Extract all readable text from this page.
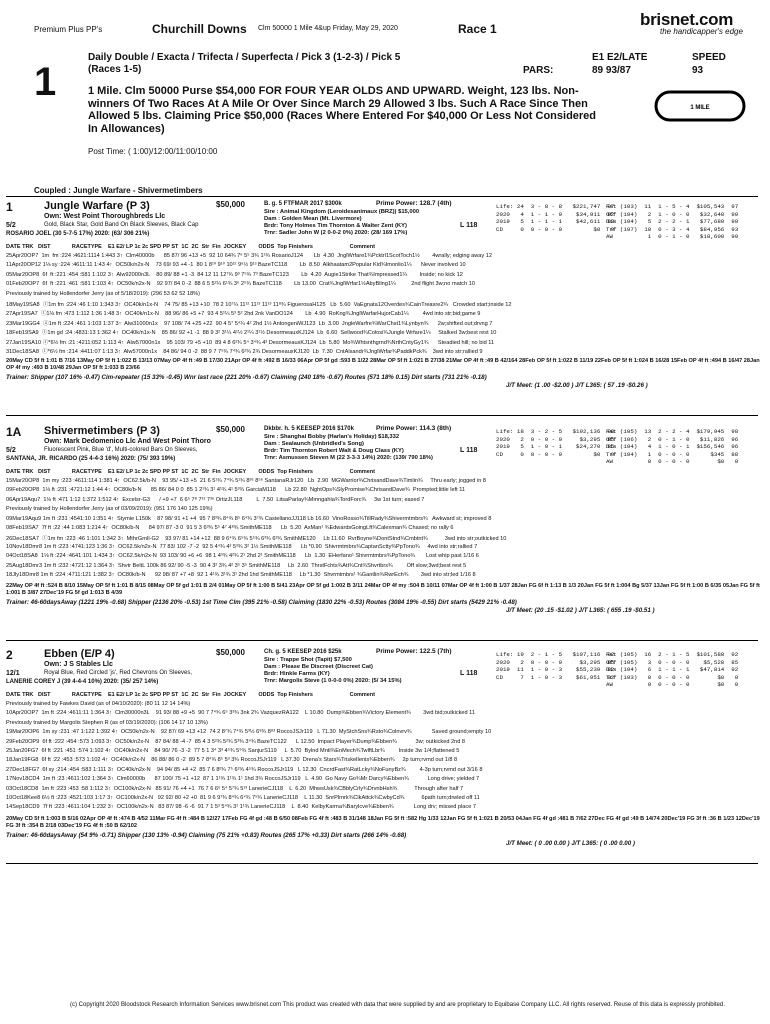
Premium Plus PP's	Churchill Downs Clm 50000 1 Mile 4&up Friday, May 29, 2020	Race 1	brisnet.com
the handicapper's edge
1
Daily Double / Exacta / Trifecta / Superfecta / Pick 3 (1-2-3) / Pick 5 (Races 1-5)	PARS:
E1 E2/LATE
89 93/87
SPEED
93
1 MILE
1 Mile. Clm 50000 Purse $54,000 FOR FOUR YEAR OLDS AND UPWARD. Weight, 123 lbs. Non-winners Of Two Races At A Mile Or Over Since March 29 Allowed 3 lbs. Such A Race Since Then Allowed 5 lbs. Claiming Price $50,000 (Races Where Entered For $40,000 Or Less Not Considered In Allowances)
Post Time: ( 1:00)/12:00/11:00/10:00
Coupled : Jungle Warfare - Shivermetimbers
1	Jungle Warfare (P 3)
Own: West Point Thoroughbreds Llc
5/2	Gold, Black Star, Gold Band On Black Sleeves, Black Cap
ROSARIO JOEL (30 5-7-5 17%) 2020: (63/ 306 21%)
$50,000	B. g. 5 FTFMAR 2017 $300k
Sire : Animal Kingdom (Leroidesanimaux (BRZ)) $15,000
Dam : Golden Mean (Mt. Livermore)
Brdr: Tony Holmes Tim Thornton & Walter Zent (KY)
Trnr: Sadler John W (2 0-0-2 0%) 2020: (28/ 169 17%)
L 118
Prime Power: 128.7 (4th)	Life: 24  3 - 8 - 8   $221,747  97
2020   4  1 - 1 - 0    $34,911  92
2019   5  1 - 1 - 1    $42,611  93
CD     0  0 - 0 - 0         $0   0
Fst (103)  11  1 - 5 - 4  $105,543  97
Off (104)   2  1 - 0 - 0   $32,648  90
Dis (104)   5  2 - 2 - 1   $77,680  90
Trf (107)  10  0 - 3 - 4   $84,956  93
AW          1  0 - 1 - 0   $18,600  90
DATE TRK   DIST              RACETYPE    E1 E2/ LP 1c 2c SPD PP ST  1C  2C  Str  Fin  JOCKEY        ODDS  Top Finishers                        Comment
25Apr20OP7  1m  fm :224 :4621:1114 1:443 3↑  Clm40000b      85 87/ 96 +13 +5  92 10 64¾ 7⁶ 5⁵ 3¾ 1¹¾ RosarioJ124       Lb  4.30  JnglWrfare1¾Pcktrl1ScotToch1½        4wrally; edging away 12
11Apr20OP12 1⅛ sy :224 :4611:11 1:43 4↑  OC50k/n2x-N    73 69/ 93 +4 -1  80 1 8¹⁰ 9¹⁰ 10¹² 9⁹½ 9¹³ BazeTC118        Lb  8.50  Alkhaatam2Popular Kid¾Imonlio1¼      Never involved 10
05Mar20OP8  6f  ft :221 :454 :581 1:102 3↑  Alw92000n3L    80 89/ 88 +1 -3  84 12 11 12⁷¾ 9³ 7⁵¾ 7³ BazeTC123        Lb  4.20  Augie1Strike That¾Impressed1¼        Inside; no kick 12
01Feb20OP7  6f  ft :221 :461 :581 1:103 4↑  OC50k/n2x-N    92 97/ 84 0 -2  88 6 5 5²¼ 6¹¾ 3⁶ 2⁵¾ BazeTC118        Lb 13.00  Crat¾JnglWrfar1½AbyBling1¼          2nd flight 3w;no match 10
Previously trained by Hollendorfer Jerry (as of 5/18/2019): (296 53 62 52 18%)
18May19SA8  ⓣ1m fm :224 :46 1:10 1:343 3↑  OC40k/n1x-N    74 75/ 85 +13 +10  78 2 10⁷¼ 11¹² 11¹³ 11¹³ 11⁸¾ FiguerosaH125   Lb  5.60  VaEgnata12Overdes¾CainTreasre2¾   Crowded start;inside 12
27Apr19SA7  ⓣ1⅛ fm :473 1:112 1:36 1:48 3↑  OC40k/n1x-N    88 96/ 86 +5 +7  93 4 5¹¼ 5³ 5² 2hd 2nk VanDO124        Lb  4.90  RoKng¾JnglWarfarHujorCab1¼         4wd into str;bid;game 9
23Mar19GG4  ⓐ1m ft :224 :461 1:103 1:37 3↑  Alw31000n1x    97 108/ 74 +25 +22  90 4 5⁷ 5⁴¼ 4² 2hd 1½ AntongeniWJ123  Lb  3.00  JngleWarfre¾WarChst1¾Lynbyn¾      2w;shifted out;drvng 7
18Feb19SA9  ⓣ1m gd :24 :4831:13 1:362 4↑  OC40k/n1x-N    85 86/ 92 +1 -1  88 9 3² 3¹¼ 4¹½ 2¹¼ 3¹½ DesormeauxKJ124  Lb  6.60  Sellwood¾Colosi¾Jungle Wrfare1¼     Stalked 3w;best rest 10
27Jan19SA10 ⓣ*6½ fm :21 :4211:052 1:113 4↑  Alw57000n1x    95 103/ 79 +5 +10  89 4 8 6²¾ 5⁴ 3⁴¾ 4³ DesormeauxKJ124  Lb  5.80  Mo¾Whtsnthgrnd¾NrthCntyGy1¾      Steadied hill; no bid 11
31Dec18SA8  ⓣ*6½ fm :214 :4411:07 1:13 3↑  Alw57000n1x    84 86/ 94 0 -2  88 9 7 7⁵¾ 7⁴¾ 6²¾ 2¾ DesormeauxKJ120  Lb  7.30  CntAlxandr¾JnglWrfar¾PaddkPck¾    3wd into str;rallied 9
20May CD 5f ft 1:01 B 7/16 13May OP 5f ft 1:022 B 13/13 07May OP 4f ft :49 B 17/30 21Apr OP 4f ft :492 B 16/33 06Apr OP 5f gd :593 B 1/22 28Mar OP 5f ft 1:021 B 27/38 21Mar OP 4f ft :49 B 42/164 28Feb OP 5f ft 1:022 B 11/19 22Feb OP 5f ft 1:024 B 16/28 15Feb OP 4f ft :494 B 16/47 28Jan OP 4f my :493 B 10/48 29Jan OP 5f ft 1:033 B 23/66
Trainer: Shipper (107 16% -0.47) Cim-repeater (15 33% -0.45) Wnr last race (221 20% -0.67) Claiming (240 18% -0.67) Routes (571 18% 0.15) Dirt starts (731 21% -0.18)
J/T Meet: (1 .00 -$2.00 ) J/T L365: ( 57 .19 -$0.26 )
1A Shivermetimbers (P 3)
Own: Mark Dedomenico Llc And West Point Thoro
5/2	Fluorescent Pink, Blue 'd', Multi-colored Bars On Sleeves,
SANTANA, JR. RICARDO (25 4-4-3 16%) 2020: (75/ 393 19%)
$50,000	Dkbbr. h. 5 KEESEP 2016 $170k
Sire : Shanghai Bobby (Harlan's Holiday) $18,332
Dam : Sealaunch (Unbridled's Song)
Brdr: Tim Thornton Robert Walt & Doug Class (KY)
Trnr: Asmussen Steven M (22 3-3-3 14%) 2020: (139/ 790 18%)
L 118
Prime Power: 114.3 (8th)	Life: 18  3 - 2 - 5   $192,136  98
2020   2  0 - 0 - 0     $3,295  85
2019   5  1 - 0 - 1    $24,270  95
CD     0  0 - 0 - 0         $0   0
Fst (105)  13  2 - 2 - 4  $179,945  98
Off (106)   2  0 - 1 - 0   $11,826  96
Dis (104)   4  1 - 0 - 1  $156,546  96
Trf (104)   1  0 - 0 - 0      $345  88
AW          0  0 - 0 - 0        $0   0
DATE TRK   DIST              RACETYPE    E1 E2/ LP 1c 2c SPD PP ST  1C  2C  Str  Fin  JOCKEY        ODDS  Top Finishers                        Comment
15Mar20OP8  1m my :223 :4611:114 1:381 4↑  OC62.5k/b-N    93 95/ +13 +5  21 6 5¹¾ 7⁴¾ 5¹¾ 8³⁶ 8⁵⁶ SantanaRJr120   Lb  2.90  MGWarrior¾ChrisandDave¾Timlin¾     Thru early; jogged in 8
09Feb20OP8  1⅛ ft :231 :4721:12 1:44 4↑  OC80k/b-N      85 86/ 84 0 0  85 1 2¹¾ 3¹ 4¹¾ 4¹ 5³¾ GarciaM118      Lb 22.80  NghtOps¾SlyPromise¾ChrisandDave¾  Prompted;little left 11
06Apr19Aqu7  1⅛ ft :471 1:12 1:372 1:512 4↑  Excelsr-G3      / +9 +7  6 6⁵ 7⁸ 7¹² 7³⁶ OrtizJL118         L  7.50  LitsaParlay¾Mmngahla¾TordForc¾     3w 1st turn; eased 7
Previously trained by Hollendorfer Jerry (as of 03/09/2019): (951 176 140 125 19%)
09Mar19Aqu9 1m ft :231 :4541:10 1:351 4↑  Stymie L150k    87 98/ 91 +1 +4  95 7 8³¾ 8⁴¾ 8⁵ 6⁴¾ 3⁷¾ CastellanoJJ118 Lb 16.60  VinoRosso¾TillRady¾Shivermtmbrs¾   Awkward st; improved 8
08Feb19SA7  7f ft :22 :44 1:083 1:214 4↑  OC80k/b-N      84 97/ 87 -3 0  91 5 3 6³¾ 5⁵ 4⁷ 4⁸¾ SmithME118      Lb  5.20  AxMan¹ ¾EdwardsGoingLft¾Calexman¾ Chased; no rally 6
26Dec18SA7  ⓣ1m fm :223 :46 1:101 1:342 3↑  MthrGrnll-G2    93 97/ 81 +14 +12  88 9 6⁴¾ 6⁵¾ 5⁵¾ 6³¾ 6³¾ SmithME120     Lb 11.60  RvrBoyne¾DontStnd¾Cmbtnt¾           3wd into str;outkicked 10
10Nov18Dmr8 1m ft :223 :4741:123 1:36 3↑  OC62.5k/n2x-N  77 83/ 102 -7 -2  92 5 4⁴¾ 4² 5³¾ 3² 1½ SmithME118      Lb *0.90  Shivrmtmbrs¾CaptanSctty¾PpTono¾     4wd into str;rallied 7
04Oct18SA8  1⅛ ft :224 :4641:101 1:434 3↑  OC62.5k/n2x-N  93 103/ 90 +6 +6  98 1 4³¾ 4²¾ 2¹ 2hd 2¹ SmithME118      Lb  1.30  EHerfano¹ Shivrmtmbrs¾PpTono¾       Lost whip past 1/16 6
25Aug18Dmr3 1m ft :232 :4721:12 1:364 3↑  Shvtr BeltL 100k 86 92/ 90 -5 -3  90 4 3² 3¾ 4² 3⁵ 3⁵ SmithME118     Lb  2.60  ThrstFchts¾Att¾Cnt¾Shvrtbrs¾         Off slow;3wd;best rest 5
18Jly18Dmr8 1m ft :224 :4711:121 1:382 3↑  OC80k/b-N      92 98/ 87 +7 +8  92 1 4¹¾ 3¹¾ 3¹ 2hd 1hd SmithME118     Lb *1.30  Shvrmtmbrs¹ ¾Gantlin¾RwrEch¾        3wd into str;led 1/16 8
22May OP 4f ft :524 B 8/10 15May OP 5f ft 1:01 B 8/15 08May OP 5f gd 1:01 B 2/4 01May OP 5f ft 1:00 B 5/41 23Apr OP 5f gd 1:002 B 3/11 24Mar OP 4f my :504 B 10/11 07Mar OP 4f ft 1:00 B 1/37 28Jan FG 6f ft 1:13 B 1/3 20Jan FG 5f ft 1:004 Bg 5/37 13Jan FG 5f ft 1:00 B 6/35 05Jan FG 5f ft 1:001 B 3/87 27Dec'19 FG 5f gd 1:013 B 4/39
Trainer: 46-60daysAway (1221 19% -0.68) Shipper (2136 20% -0.53) 1st Time Clm (395 21% -0.58) Claiming (1830 22% -0.53) Routes (3084 19% -0.55) Dirt starts (5429 21% -0.48)
J/T Meet: (20 .15 -$1.02 ) J/T L365: ( 655 .19 -$0.51 )
2	Ebben (E/P 4)
Own: J S Stables Llc
12/1	Royal Blue, Red Circled 'js', Red Chevrons On Sleeves,
LANERIE COREY J (39 4-4-4 10%) 2020: (35/ 257 14%)
$50,000	Ch. g. 5 KEESEP 2016 $25k
Sire : Trappe Shot (Tapit) $7,500
Dam : Please Be Discreet (Discreet Cat)
Brdr: Hinkle Farms (KY)
Trnr: Margolis Steve (1 0-0-0 0%) 2020: (5/ 34 15%)
L 118
Prime Power: 122.5 (7th)	Life: 19  2 - 1 - 5   $107,116  92
2020   2  0 - 0 - 0     $3,295  85
2019  11  1 - 0 - 3    $55,230  92
CD     7  1 - 0 - 3    $61,951  92
Fst (105)  16  2 - 1 - 5  $101,588  92
Off (105)   3  0 - 0 - 0    $5,528  85
Dis (104)   6  1 - 1 - 1   $47,814  92
Trf (103)   0  0 - 0 - 0        $0   0
AW          0  0 - 0 - 0        $0   0
DATE TRK   DIST              RACETYPE    E1 E2/ LP 1c 2c SPD PP ST  1C  2C  Str  Fin  JOCKEY        ODDS  Top Finishers                        Comment
Previously trained by Fawkes David (as of 04/10/2020): (80 11 12 14 14%)
10Apr20OP7  1m ft :224 :4611:11 1:364 3↑  Clm30000n3L    91 93/ 88 +9 +5  90 7 7⁴¾ 6⁵ 3³¾ 3nk 2¾ VazquezRA122    L 10.80  Dump¾Ebben¾Victory Element¾        3wd bid;outkicked 11
Previously trained by Margolis Stephen R (as of 03/19/2020): (106 14 17 10 13%)
19Mar20OP6  1m sy :231 :47 1:122 1:392 4↑  OC50k/n2x-N    92 87/ 69 +13 +12  74 2 8⁷¾ 7⁴¾ 5³½ 6⁸¾ 8⁸³ RoccoJSJr119   L 71.30  MyStchSns¾Rsto¾Colnvrv¾             Saved ground;empty 10
29Feb20OP9  6f ft :222 :454 :573 1:093 3↑  OC50k/n2x-N    87 84/ 88 -4 -7  85 4 3 5²¾ 5²¾ 5³¾ 3⁴¾ BazeTC122      L 12.50  Impact Player¾Dump¾Ebben¾            3w; outkicked 2nd 8
25Jan20FG7  6f ft :221 :451 :574 1:102 4↑  OC40k/n2x-N    84 90/ 76 -3 -2  77 5 1 3⁴ 3³ 4⁵¾ 5⁹¾ SanjurS119     L  5.70  Bylnd Mntl¾EnMech¾TwlftLbr¾         Inside 3w 1/4;flattened 5
18Jan19FG8  6f ft :22 :453 :573 1:102 4↑  OC40k/n2x-N    86 88/ 86 0 -2  89 5 7 8⁴¾ 8⁵ 5³ 3¾ RoccoJSJr119   L 37.30  Drena's Stars¾TriskelIenis¾Ebben¾     2p turn;rvmd out 1/8 8
27Dec18FG7  6f sy :214 :454 :583 1:111 3↑  OC40k/n2x-N    94 94/ 85 +4 +2  85 7 6 8²¾ 7⁵ 6²¾ 4⁵¾ RoccoJSJr119   L 12.30  CncrdFast¾RatLcky¾NoFunyBz¾         4-3p turn;rvmd out 3/16 8
17Nov18CD4  1m ft :23 :4611:102 1:364 3↑  Clm60000b      87 100/ 75 +1 +12  87 1 1¹¾ 1¹¾ 1¹ 1hd 3¾ RoccoJSJr119   L  4.90  Go Navy Go¾Mr Darcy¾Ebben¾            Long drive; yielded 7
03Oct18CD8  1m ft :223 :453 :58 1:112 3↑  OC100k/n2x-N   85 91/ 76 +4 +1  76 7 6 6⁶ 5⁴ 5⁷¾ 5¹³ LanerieCJ118    L  6.20  MhwsUsk¾CBblyCrly¾DrvnbHsh¾           Through after half 7
10Oct18Kee8 6½ ft :223 :4521:103 1:17 3↑  OC100k/n2x-N   92 92/ 80 +2 +0  81 9 6 9⁷¾ 8⁴¾ 6⁴¾ 7⁵¾ LanerieCJ118    L 11.30  SnrPlrnrk¾ClkAttck¾CwbyCd¾           6path turn;drwled off 11
14Sep18CD9  7f ft :223 :4611:104 1:232 3↑  OC100k/n2x-N   83 87/ 98 -6 -6  91 7 1 5³ 5⁴¾ 3¹ 1¹¾ LanerieCJ118    L  8.40  KelbyKarma¾Barylcve¾Ebben¾             Long drv; missed place 7
20May CD 5f ft 1:003 B 5/16 02Apr OP 4f ft :474 B 4/52 11Mar FG 4f ft :484 B 12/27 17Feb FG 4f gd :48 B 6/50 08Feb FG 4f ft :483 B 31/148 18Jan FG 5f ft :582 Hg 1/33 12Jan FG 5f ft 1:021 B 20/53 04Jan FG 4f gd :481 B 7/62 27Dec FG 4f gd :49 B 14/74 20Dec'19 FG 3f ft :36 B 1/23 12Dec'19 FG 3f ft :354 B 2/18 03Dec'19 FG 4f ft :50 B 62/102
Trainer: 46-60daysAway (54 9% -0.71) Shipper (130 13% -0.94) Claiming (75 21% +0.83) Routes (265 17% +0.33) Dirt starts (266 14% -0.68)
J/T Meet: ( 0 .00 0.00 ) J/T L365: ( 0 .00 0.00 )
(c) Copyright 2020 Bloodstock Research Information Services www.brisnet.com This product was created with data that were supplied by and are proprietary to Equibase Company LLC. All rights reserved. Reuse of this data is expressly prohibited.
